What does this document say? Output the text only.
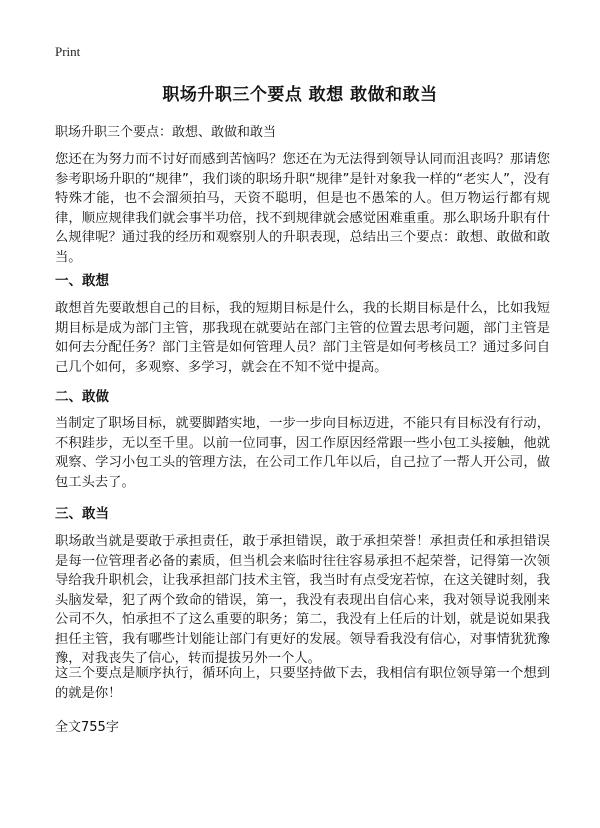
Print
职场升职三个要点 敢想 敢做和敢当
职场升职三个要点：敢想、敢做和敢当
您还在为努力而不讨好而感到苦恼吗？您还在为无法得到领导认同而沮丧吗？那请您参考职场升职的“规律”，我们谈的职场升职“规律”是针对象我一样的“老实人”，没有特殊才能，也不会溜须拍马，天资不聪明，但是也不愚笨的人。但万物运行都有规律，顺应规律我们就会事半功倍，找不到规律就会感觉困难重重。那么职场升职有什么规律呢？通过我的经历和观察别人的升职表现，总结出三个要点：敢想、敢做和敢当。
一、敢想
敢想首先要敢想自己的目标，我的短期目标是什么，我的长期目标是什么，比如我短期目标是成为部门主管，那我现在就要站在部门主管的位置去思考问题，部门主管是如何去分配任务？部门主管是如何管理人员？部门主管是如何考核员工？通过多问自己几个如何，多观察、多学习，就会在不知不觉中提高。
二、敢做
当制定了职场目标，就要脚踏实地，一步一步向目标迈进，不能只有目标没有行动，不积跬步，无以至千里。以前一位同事，因工作原因经常跟一些小包工头接触，他就观察、学习小包工头的管理方法，在公司工作几年以后，自己拉了一帮人开公司，做包工头去了。
三、敢当
职场敢当就是要敢于承担责任，敢于承担错误，敢于承担荣誉！承担责任和承担错误是每一位管理者必备的素质，但当机会来临时往往容易承担不起荣誉，记得第一次领导给我升职机会，让我承担部门技术主管，我当时有点受宠若惊，在这关键时刻，我头脑发晕，犯了两个致命的错误，第一，我没有表现出自信心来，我对领导说我刚来公司不久，怕承担不了这么重要的职务；第二，我没有上任后的计划，就是说如果我担任主管，我有哪些计划能让部门有更好的发展。领导看我没有信心，对事情犹犹豫豫，对我丧失了信心，转而提拔另外一个人。
这三个要点是顺序执行，循环向上，只要坚持做下去，我相信有职位领导第一个想到的就是你！
全文755字
